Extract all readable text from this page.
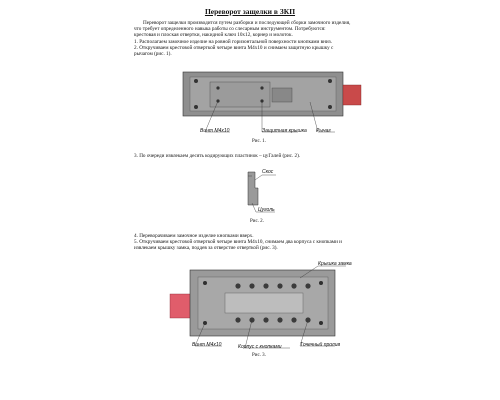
Переворот защелки в ЗКП
Переворот защелки производится путем разборки и последующей сборки замочного изделия,
что требует определенного навыка работы со слесарным инструментом. Потребуются:
крестовая и плоская отвертки, накидной ключ 10х12, корнер и молоток.
1. Располагаем замочное изделие на ровной горизонтальной поверхности кнопками вниз.
2. Откручиваем крестовой отверткой четыре винта М4х10 и снимаем защитную крышку с
рычагом (рис. 1).
Винт М4х10	Защитная крышка Рычаг
Рис. 1.
3. По очереди извлекаем десять кодирующих пластинок – цуГалей (рис. 2).
Скос
Цуголь
Рис. 2.
4. Переворачиваем замочное изделие кнопками вверх.
5. Откручиваем крестовой отверткой четыре винта М4х10, снимаем два корпуса с кнопками и
извлекаем крышку замка, поддев за отверстие отверткой (рис. 3).
Крышка замка
Винт М4х10	Корпус с кнопками	Точечный пролив
Рис. 3.
